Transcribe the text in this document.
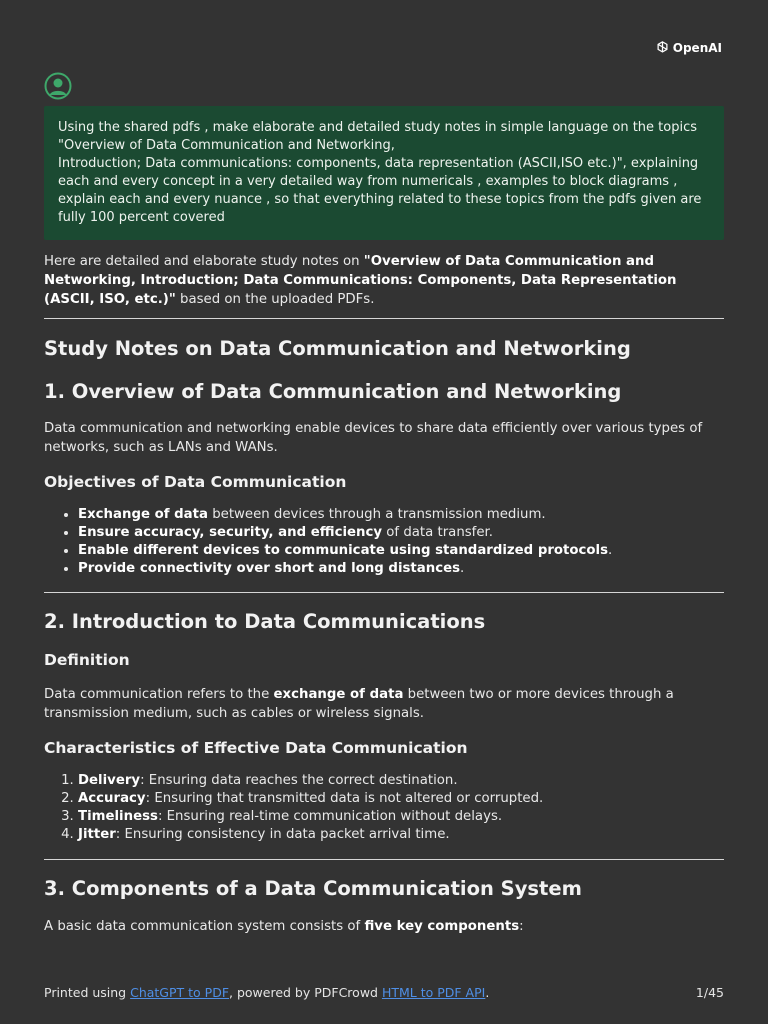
OpenAI

Using the shared pdfs , make elaborate and detailed study notes in simple language on the topics

"Overview of Data Communication and Networking,

Introduction; Data communications: components, data representation (ASCII,ISO etc.)", explaining each and every concept in a very detailed way from numericals , examples to block diagrams , explain each and every nuance , so that everything related to these topics from the pdfs given are fully 100 percent covered

Here are detailed and elaborate study notes on "Overview of Data Communication and Networking, Introduction; Data Communications: Components, Data Representation (ASCII, ISO, etc.)" based on the uploaded PDFs.

Study Notes on Data Communication and Networking
1. Overview of Data Communication and Networking

Data communication and networking enable devices to share data efficiently over various types of networks, such as LANs and WANs.

Objectives of Data Communication
• Exchange of data between devices through a transmission medium.
• Ensure accuracy, security, and efficiency of data transfer.
• Enable different devices to communicate using standardized protocols.
• Provide connectivity over short and long distances.
2. Introduction to Data Communications
Definition

Data communication refers to the exchange of data between two or more devices through a transmission medium, such as cables or wireless signals.

Characteristics of Effective Data Communication
1. Delivery: Ensuring data reaches the correct destination.
2. Accuracy: Ensuring that transmitted data is not altered or corrupted.
3. Timeliness: Ensuring real-time communication without delays.
4. Jitter: Ensuring consistency in data packet arrival time.
3. Components of a Data Communication System

A basic data communication system consists of five key components:

Printed using ChatGPT to PDF, powered by PDFCrowd HTML to PDF API.	1/45
